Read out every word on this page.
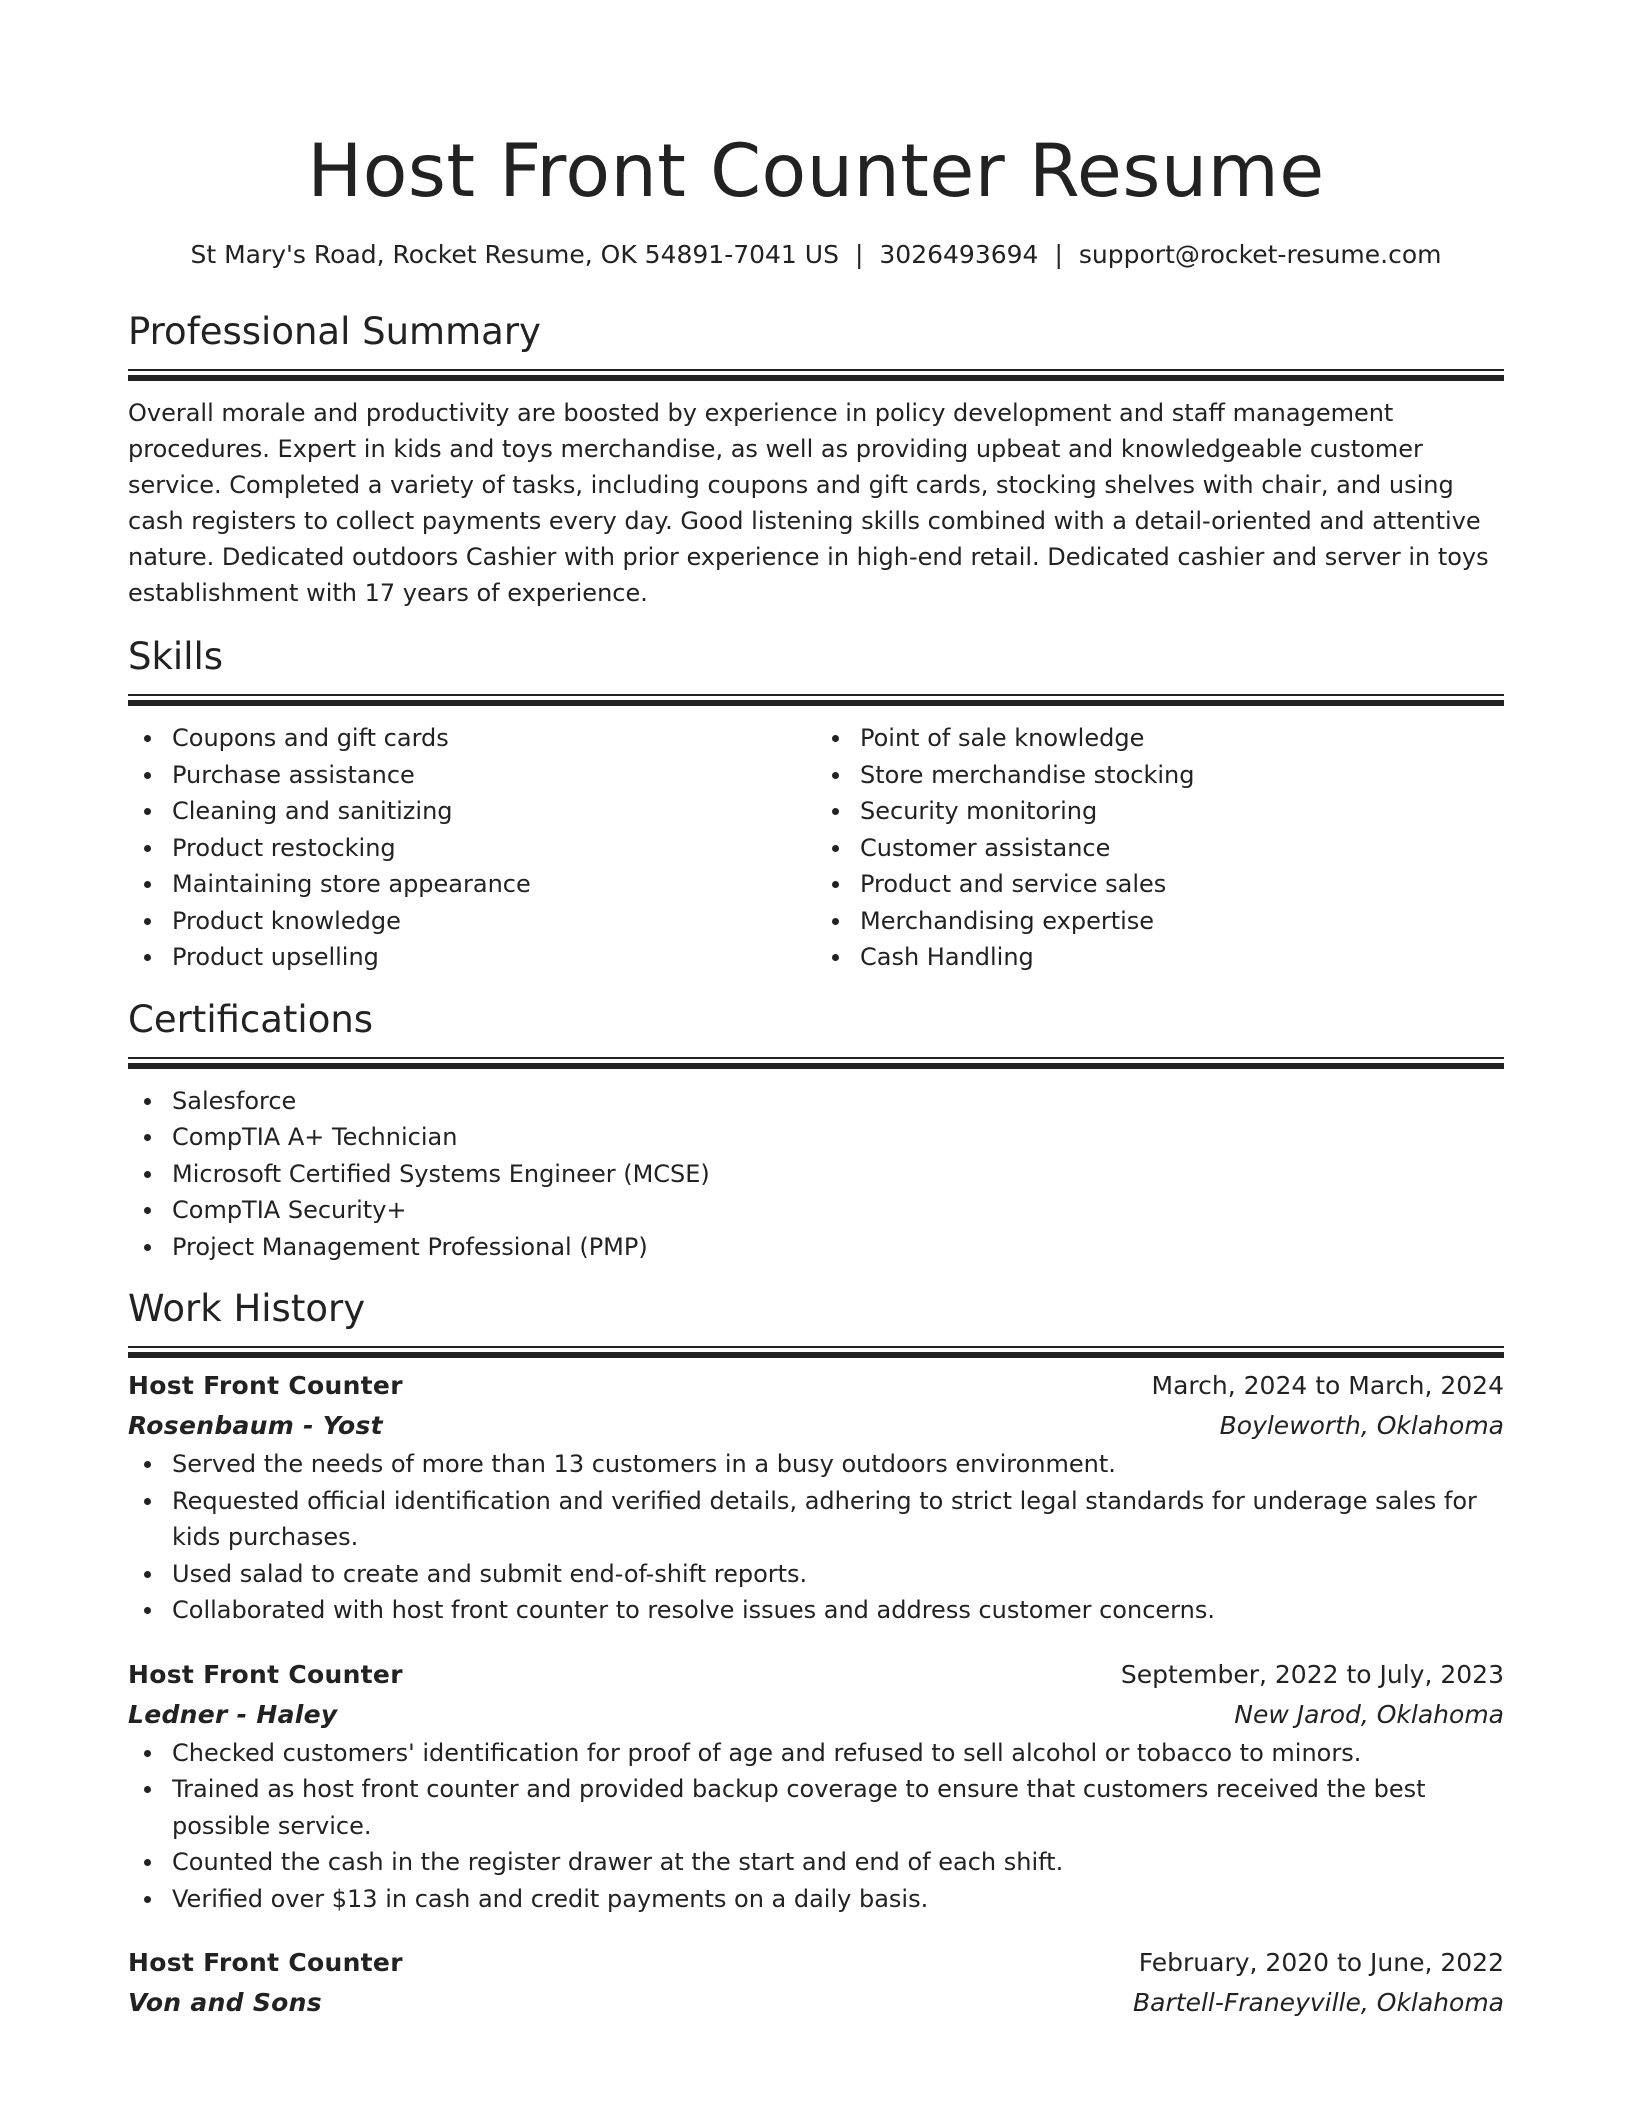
Host Front Counter Resume
St Mary's Road, Rocket Resume, OK 54891-7041 US | 3026493694 | support@rocket-resume.com
Professional Summary

Overall morale and productivity are boosted by experience in policy development and staff management procedures. Expert in kids and toys merchandise, as well as providing upbeat and knowledgeable customer service. Completed a variety of tasks, including coupons and gift cards, stocking shelves with chair, and using cash registers to collect payments every day. Good listening skills combined with a detail-oriented and attentive nature. Dedicated outdoors Cashier with prior experience in high-end retail. Dedicated cashier and server in toys establishment with 17 years of experience.

Skills
Coupons and gift cards
Purchase assistance
Cleaning and sanitizing
Product restocking
Maintaining store appearance
Product knowledge
Product upselling
Point of sale knowledge
Store merchandise stocking
Security monitoring
Customer assistance
Product and service sales
Merchandising expertise
Cash Handling
Certifications
Salesforce
CompTIA A+ Technician
Microsoft Certified Systems Engineer (MCSE)
CompTIA Security+
Project Management Professional (PMP)
Work History
Host Front Counter	March, 2024 to March, 2024
Rosenbaum - Yost	Boyleworth, Oklahoma
Served the needs of more than 13 customers in a busy outdoors environment.
Requested official identification and verified details, adhering to strict legal standards for underage sales for kids purchases.
Used salad to create and submit end-of-shift reports.
Collaborated with host front counter to resolve issues and address customer concerns.
Host Front Counter	September, 2022 to July, 2023
Ledner - Haley	New Jarod, Oklahoma
Checked customers' identification for proof of age and refused to sell alcohol or tobacco to minors.
Trained as host front counter and provided backup coverage to ensure that customers received the best possible service.
Counted the cash in the register drawer at the start and end of each shift.
Verified over $13 in cash and credit payments on a daily basis.
Host Front Counter	February, 2020 to June, 2022
Von and Sons	Bartell-Franeyville, Oklahoma
